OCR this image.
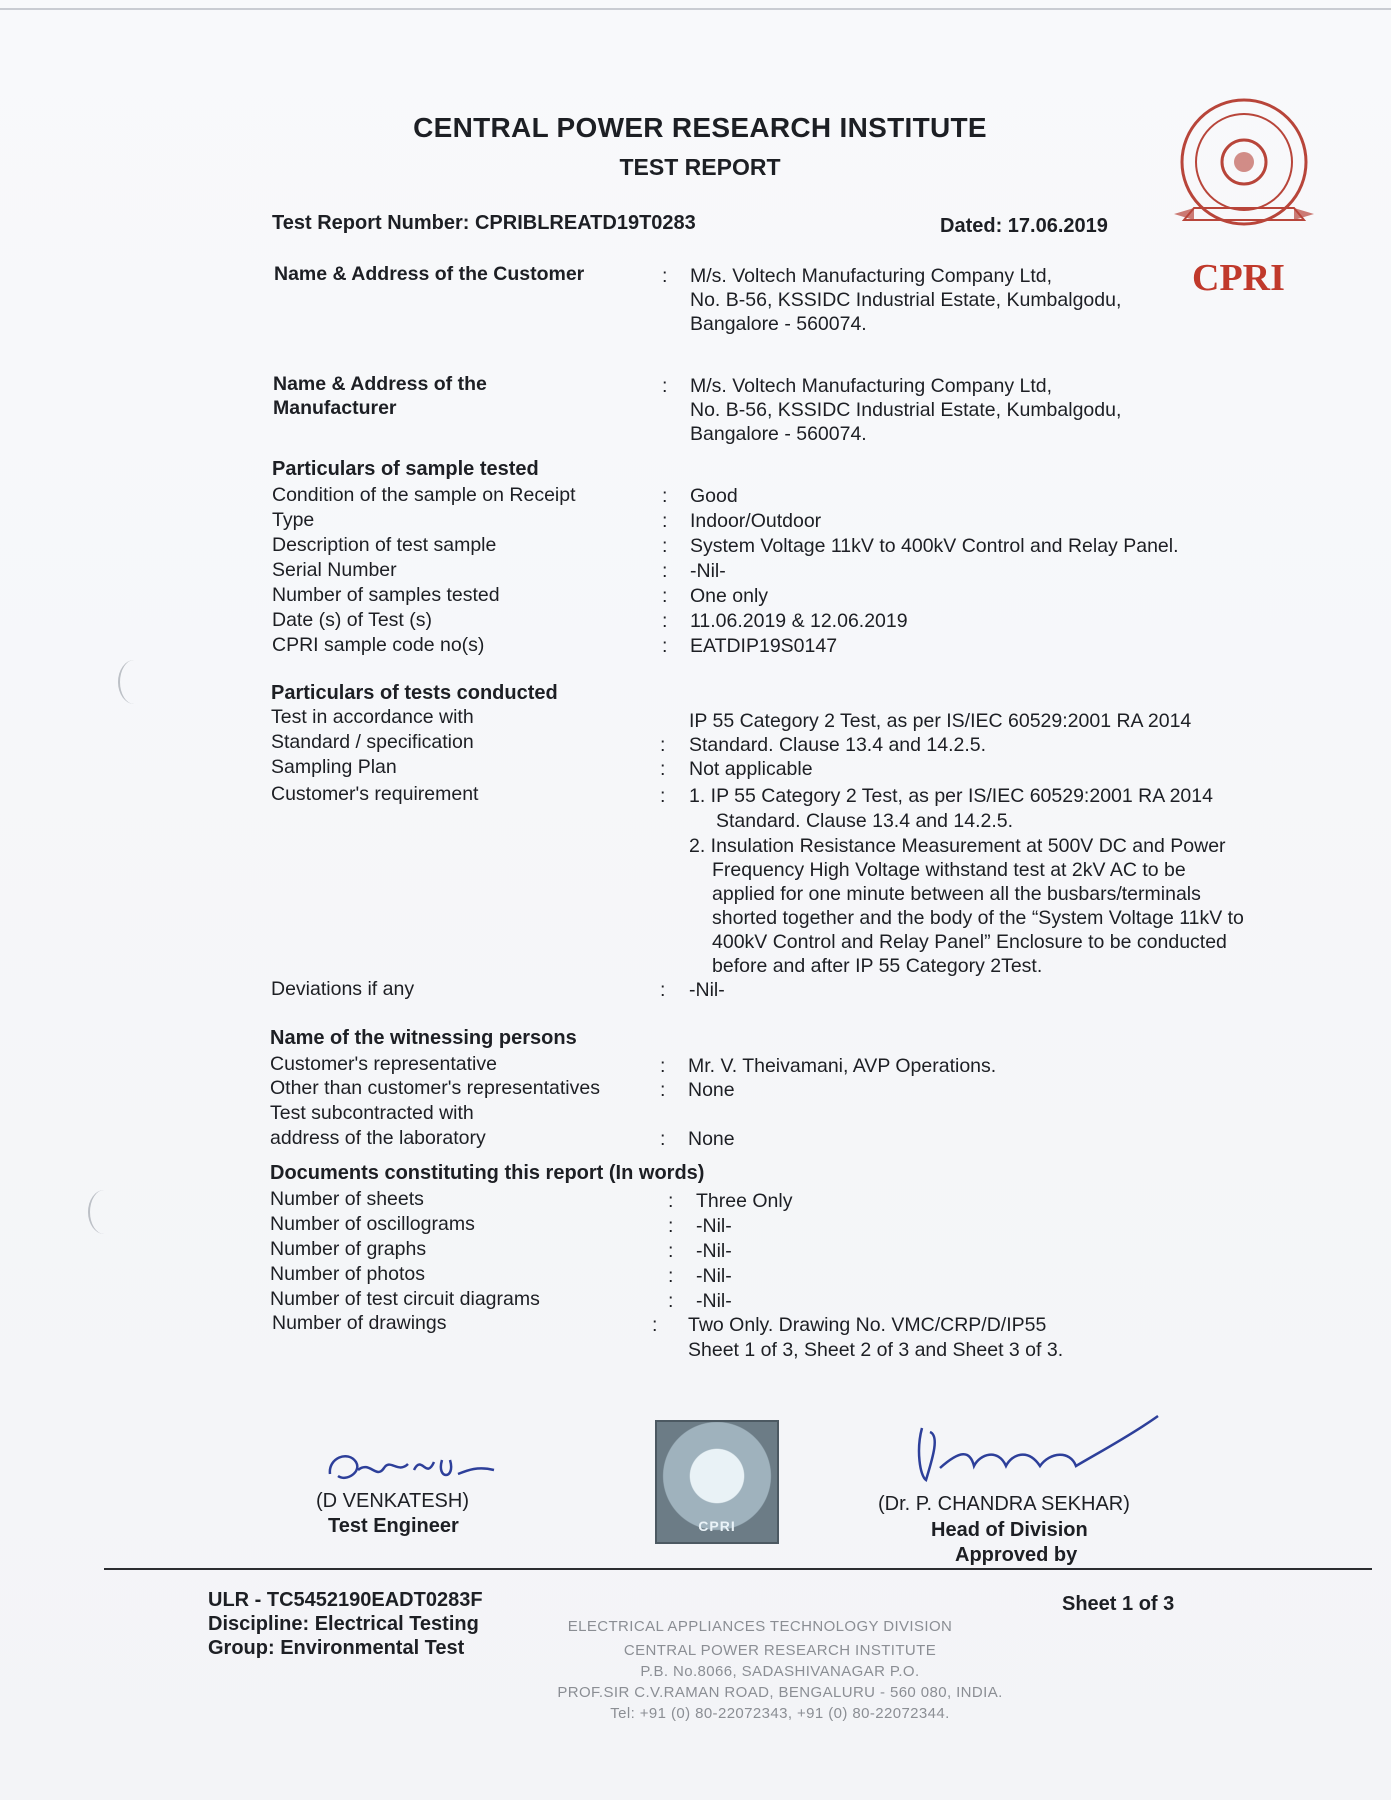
CENTRAL POWER RESEARCH INSTITUTE
TEST REPORT
CPRI
Test Report Number: CPRIBLREATD19T0283	Dated: 17.06.2019
Name & Address of the Customer	: M/s. Voltech Manufacturing Company Ltd,
No. B-56, KSSIDC Industrial Estate, Kumbalgodu,
Bangalore - 560074.
Name & Address of the
Manufacturer
: M/s. Voltech Manufacturing Company Ltd,
No. B-56, KSSIDC Industrial Estate, Kumbalgodu,
Bangalore - 560074.
Particulars of sample tested
Condition of the sample on Receipt	: Good
Type	: Indoor/Outdoor
Description of test sample	: System Voltage 11kV to 400kV Control and Relay Panel.
Serial Number	: -Nil-
Number of samples tested	: One only
Date (s) of Test (s)	: 11.06.2019 & 12.06.2019
CPRI sample code no(s)	: EATDIP19S0147
Particulars of tests conducted
Test in accordance with
Standard / specification	:
IP 55 Category 2 Test, as per IS/IEC 60529:2001 RA 2014
Standard. Clause 13.4 and 14.2.5.
Sampling Plan	: Not applicable
Customer's requirement	: 1. IP 55 Category 2 Test, as per IS/IEC 60529:2001 RA 2014
Standard. Clause 13.4 and 14.2.5.
2. Insulation Resistance Measurement at 500V DC and Power
Frequency High Voltage withstand test at 2kV AC to be
applied for one minute between all the busbars/terminals
shorted together and the body of the “System Voltage 11kV to
400kV Control and Relay Panel” Enclosure to be conducted
before and after IP 55 Category 2Test.
Deviations if any	: -Nil-
Name of the witnessing persons
Customer's representative	: Mr. V. Theivamani, AVP Operations.
Other than customer's representatives	: None
Test subcontracted with
address of the laboratory	: None
Documents constituting this report (In words)
Number of sheets	: Three Only
Number of oscillograms	: -Nil-
Number of graphs	: -Nil-
Number of photos	: -Nil-
Number of test circuit diagrams	: -Nil-
Number of drawings	: Two Only. Drawing No. VMC/CRP/D/IP55
Sheet 1 of 3, Sheet 2 of 3 and Sheet 3 of 3.
(D VENKATESH)
Test Engineer	CPRI
(Dr. P. CHANDRA SEKHAR)
Head of Division
Approved by
ULR - TC5452190EADT0283F
Discipline: Electrical Testing
Group: Environmental Test
Sheet 1 of 3
ELECTRICAL APPLIANCES TECHNOLOGY DIVISION
CENTRAL POWER RESEARCH INSTITUTE
P.B. No.8066, SADASHIVANAGAR P.O.
PROF.SIR C.V.RAMAN ROAD, BENGALURU - 560 080, INDIA.
Tel: +91 (0) 80-22072343, +91 (0) 80-22072344.
